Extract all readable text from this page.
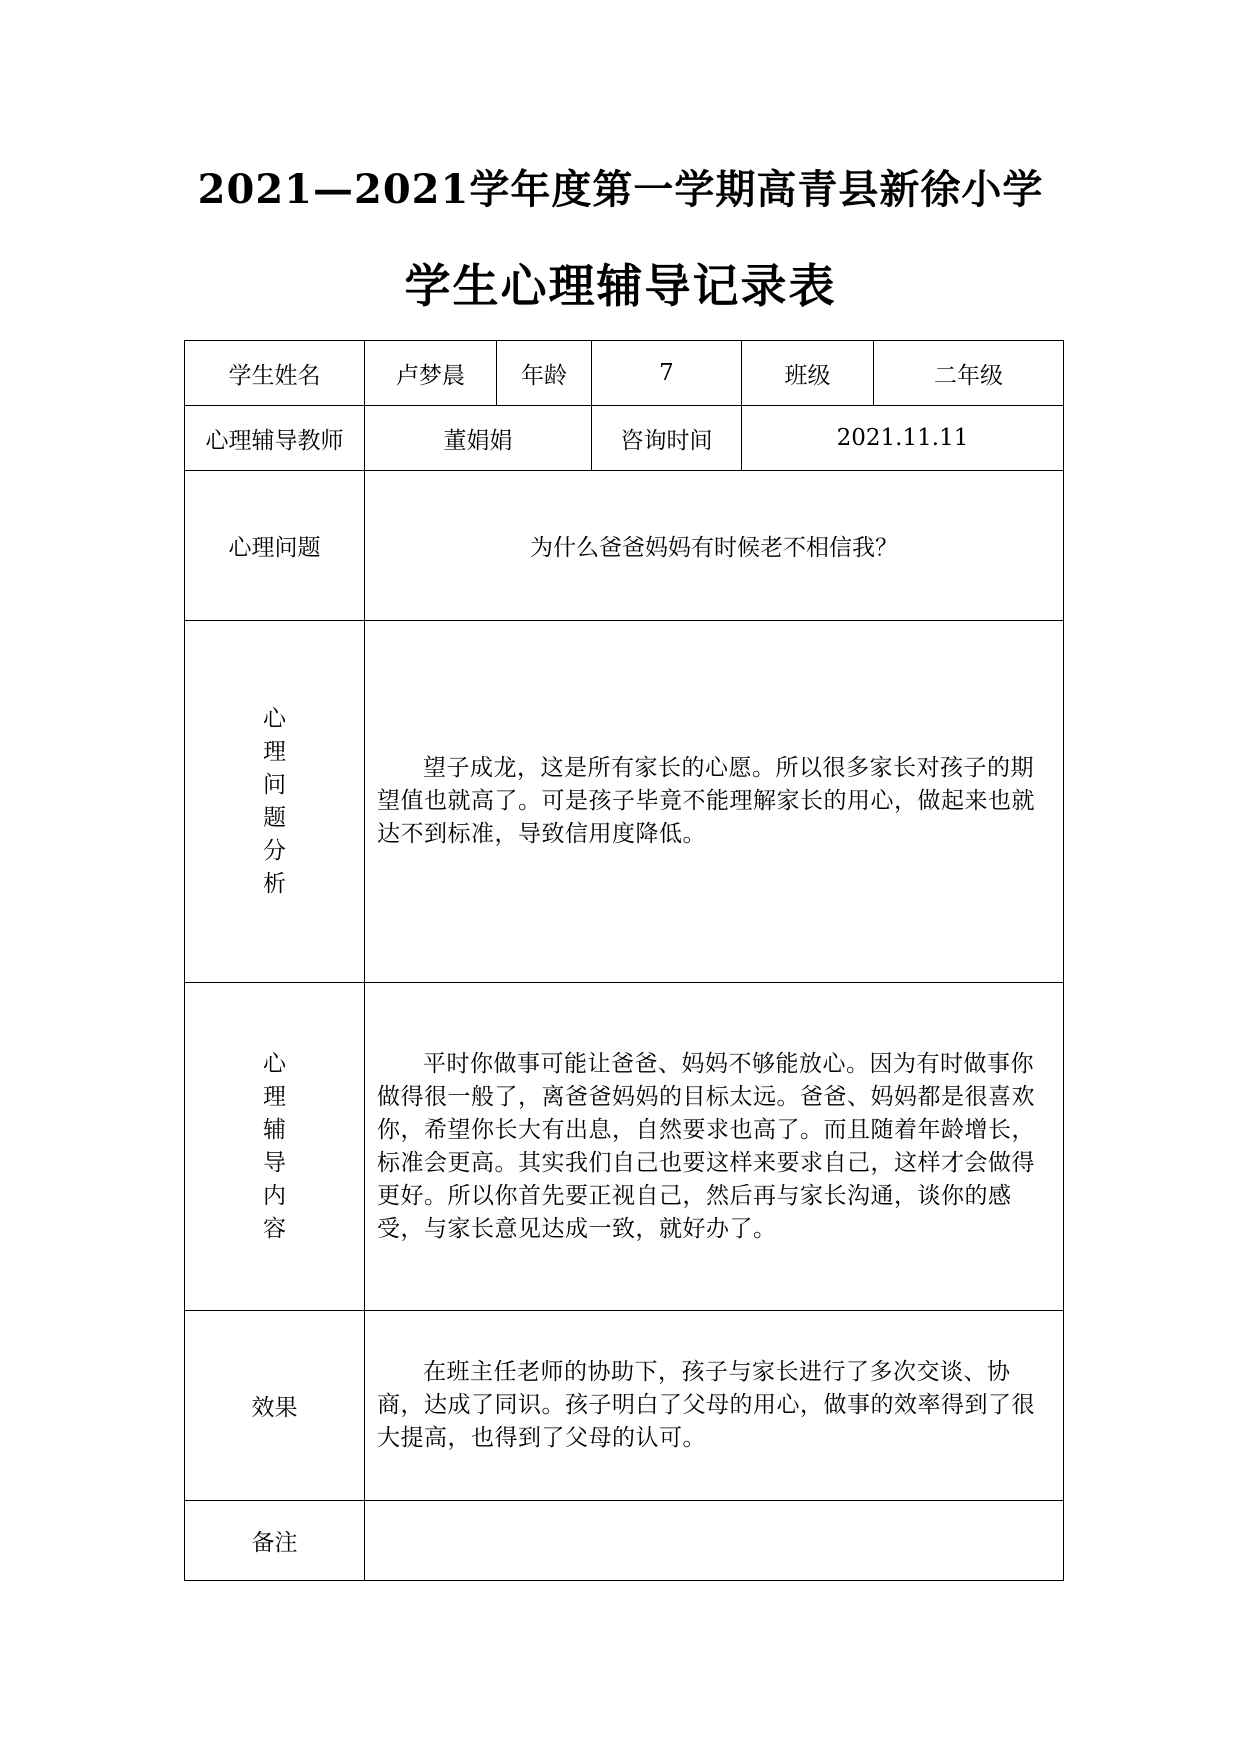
2021—2021学年度第一学期高青县新徐小学
学生心理辅导记录表
学生姓名	卢梦晨	年龄	7	班级	二年级
心理辅导教师	董娟娟		咨询时间	2021.11.11	
心理问题	为什么爸爸妈妈有时候老不相信我？				
心理问题分析	望子成龙，这是所有家长的心愿。所以很多家长对孩子的期望值也就高了。可是孩子毕竟不能理解家长的用心，做起来也就达不到标准，导致信用度降低。				

心理辅导内容	平时你做事可能让爸爸、妈妈不够能放心。因为有时做事你做得很一般了，离爸爸妈妈的目标太远。爸爸、妈妈都是很喜欢你，希望你长大有出息，自然要求也高了。而且随着年龄增长，标准会更高。其实我们自己也要这样来要求自己，这样才会做得更好。所以你首先要正视自己，然后再与家长沟通，谈你的感受，与家长意见达成一致，就好办了。				

效果	在班主任老师的协助下，孩子与家长进行了多次交谈、协商，达成了同识。孩子明白了父母的用心，做事的效率得到了很大提高，也得到了父母的认可。				

备注					
